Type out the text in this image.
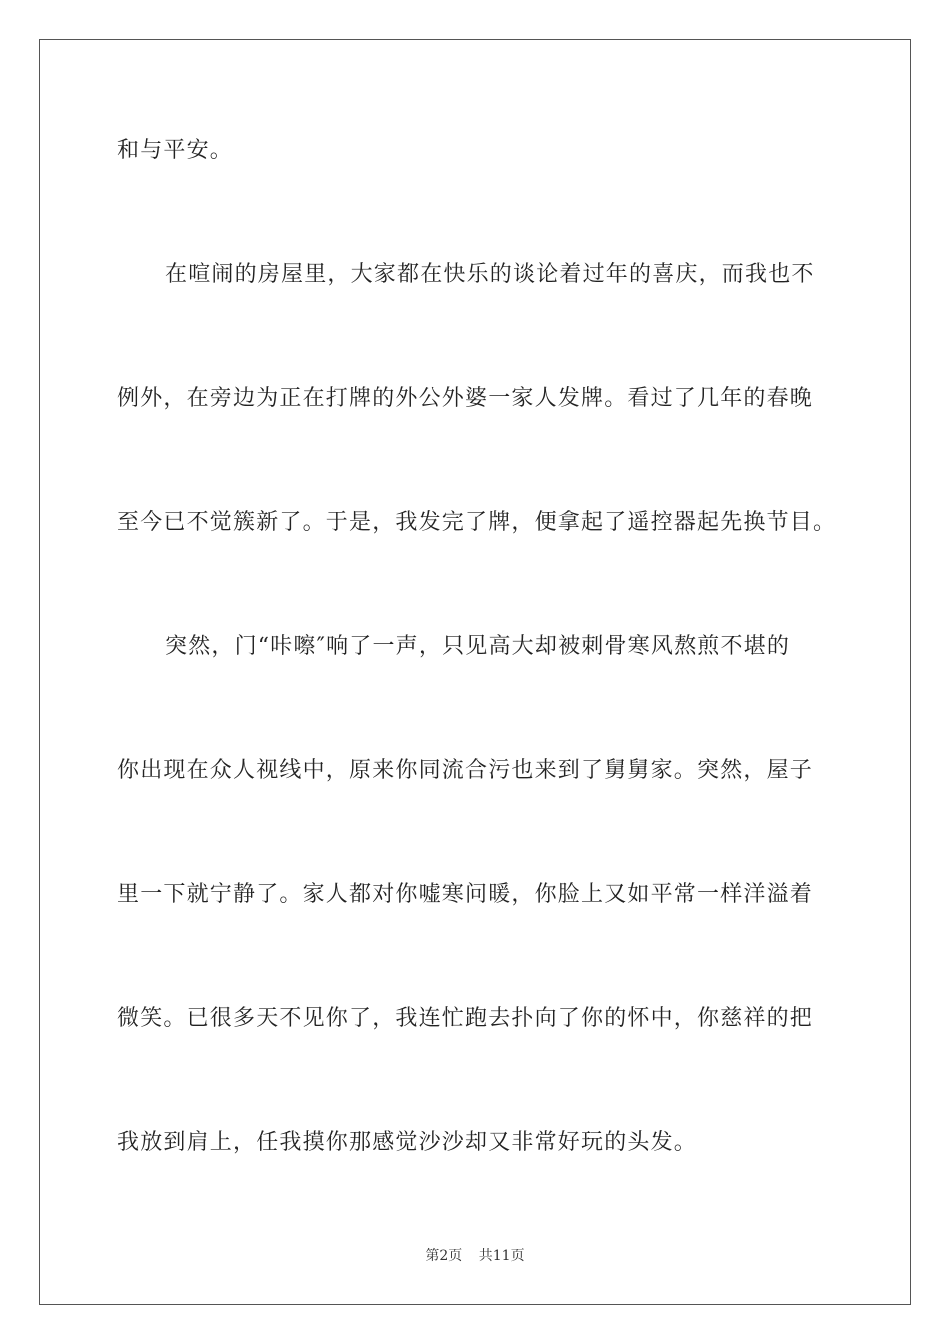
和与平安。
在喧闹的房屋里，大家都在快乐的谈论着过年的喜庆，而我也不
例外，在旁边为正在打牌的外公外婆一家人发牌。看过了几年的春晚
至今已不觉簇新了。于是，我发完了牌，便拿起了遥控器起先换节目。
突然，门“咔嚓″响了一声，只见高大却被刺骨寒风熬煎不堪的
你出现在众人视线中，原来你同流合污也来到了舅舅家。突然，屋子
里一下就宁静了。家人都对你嘘寒问暖，你脸上又如平常一样洋溢着
微笑。已很多天不见你了，我连忙跑去扑向了你的怀中，你慈祥的把
我放到肩上，任我摸你那感觉沙沙却又非常好玩的头发。
第2页 共11页
